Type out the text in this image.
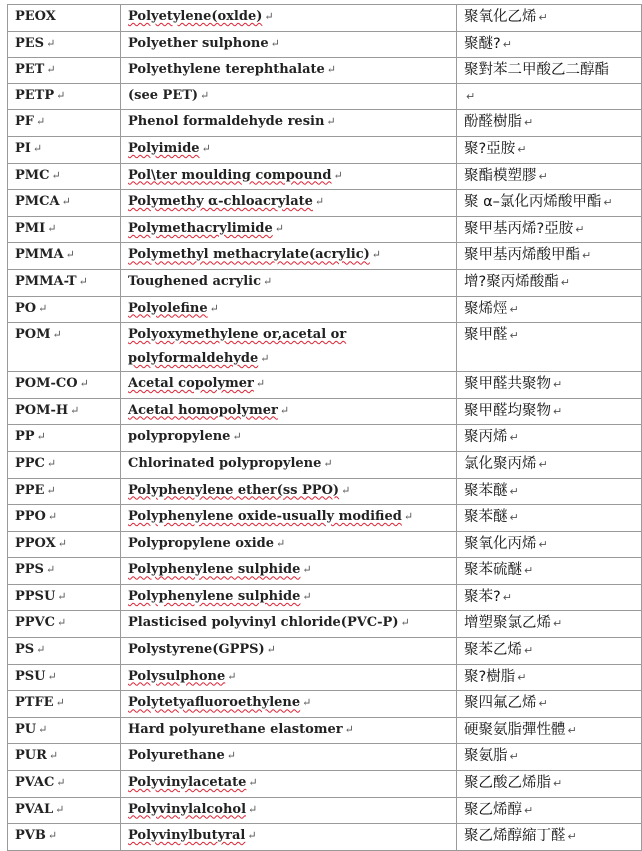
PEOX	Polyetylene(oxlde) ↵	聚氧化乙烯 ↵
PES ↵	Polyether sulphone ↵	聚醚? ↵
PET ↵	Polyethylene terephthalate ↵	聚對苯二甲酸乙二醇酯
PETP ↵	(see PET) ↵	↵
PF ↵	Phenol formaldehyde resin ↵	酚醛樹脂 ↵
PI ↵	Polyimide ↵	聚?亞胺 ↵
PMC ↵	Pol\ter moulding compound ↵	聚酯模塑膠 ↵
PMCA ↵	Polymethy α-chloacrylate ↵	聚 α–氯化丙烯酸甲酯 ↵
PMI ↵	Polymethacrylimide ↵	聚甲基丙烯?亞胺 ↵
PMMA ↵	Polymethyl methacrylate(acrylic) ↵	聚甲基丙烯酸甲酯 ↵
PMMA-T ↵	Toughened acrylic ↵	增?聚丙烯酸酯 ↵
PO ↵	Polyolefine ↵	聚烯烴 ↵
POM ↵	Polyoxymethylene or,acetal or polyformaldehyde ↵	聚甲醛 ↵
POM-CO ↵	Acetal copolymer ↵	聚甲醛共聚物 ↵
POM-H ↵	Acetal homopolymer ↵	聚甲醛均聚物 ↵
PP ↵	polypropylene ↵	聚丙烯 ↵
PPC ↵	Chlorinated polypropylene ↵	氯化聚丙烯 ↵
PPE ↵	Polyphenylene ether(ss PPO) ↵	聚苯醚 ↵
PPO ↵	Polyphenylene oxide-usually modified ↵	聚苯醚 ↵
PPOX ↵	Polypropylene oxide ↵	聚氧化丙烯 ↵
PPS ↵	Polyphenylene sulphide ↵	聚苯硫醚 ↵
PPSU ↵	Polyphenylene sulphide ↵	聚苯? ↵
PPVC ↵	Plasticised polyvinyl chloride(PVC-P) ↵	增塑聚氯乙烯 ↵
PS ↵	Polystyrene(GPPS) ↵	聚苯乙烯 ↵
PSU ↵	Polysulphone ↵	聚?樹脂 ↵
PTFE ↵	Polytetyafluoroethylene ↵	聚四氟乙烯 ↵
PU ↵	Hard polyurethane elastomer ↵	硬聚氨脂彈性體 ↵
PUR ↵	Polyurethane ↵	聚氨脂 ↵
PVAC ↵	Polyvinylacetate ↵	聚乙酸乙烯脂 ↵
PVAL ↵	Polyvinylalcohol ↵	聚乙烯醇 ↵
PVB ↵	Polyvinylbutyral ↵	聚乙烯醇縮丁醛 ↵
